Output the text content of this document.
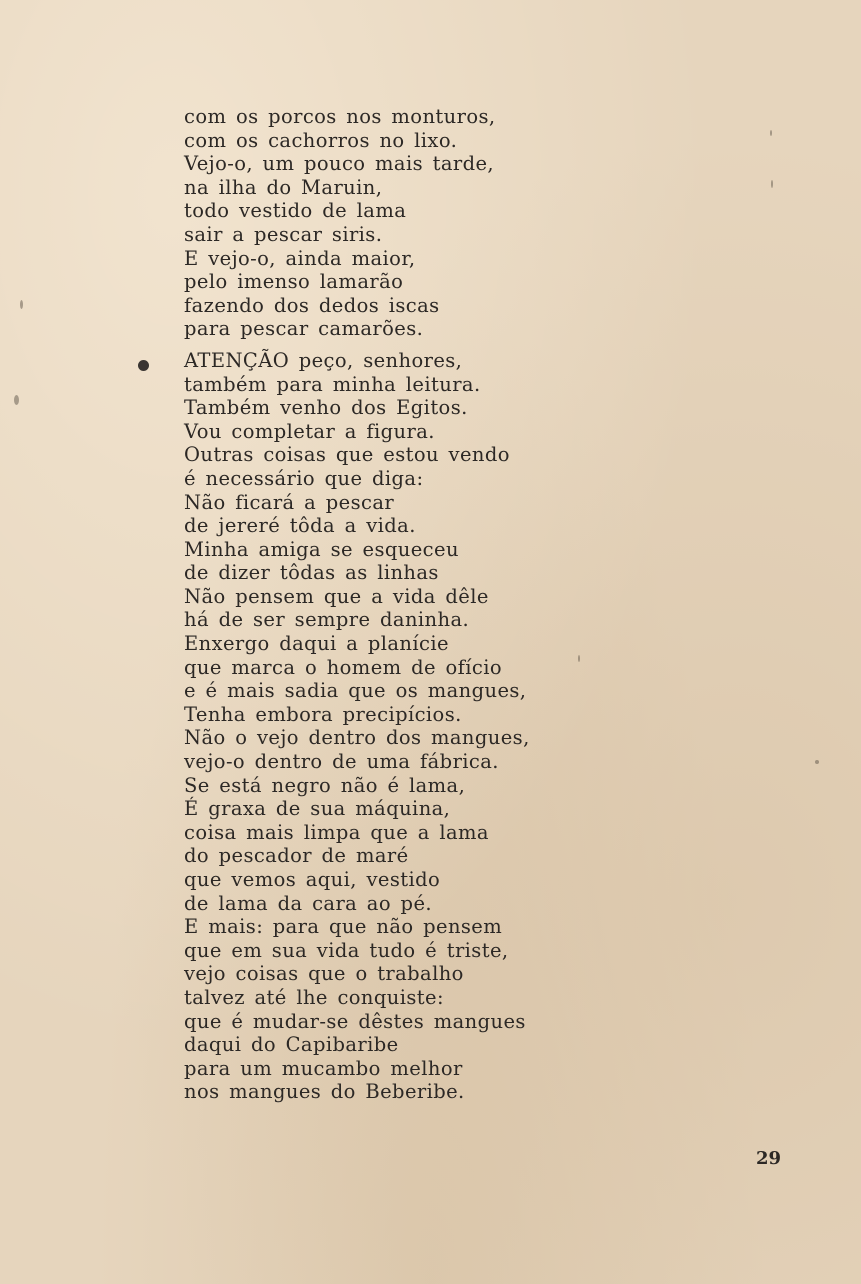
com os porcos nos monturos,
com os cachorros no lixo.
Vejo-o, um pouco mais tarde,
na ilha do Maruin,
todo vestido de lama
sair a pescar siris.
E vejo-o, ainda maior,
pelo imenso lamarão
fazendo dos dedos iscas
para pescar camarões.
ATENÇÃO peço, senhores,
também para minha leitura.
Também venho dos Egitos.
Vou completar a figura.
Outras coisas que estou vendo
é necessário que diga:
Não ficará a pescar
de jereré tôda a vida.
Minha amiga se esqueceu
de dizer tôdas as linhas
Não pensem que a vida dêle
há de ser sempre daninha.
Enxergo daqui a planície
que marca o homem de ofício
e é mais sadia que os mangues,
Tenha embora precipícios.
Não o vejo dentro dos mangues,
vejo-o dentro de uma fábrica.
Se está negro não é lama,
É graxa de sua máquina,
coisa mais limpa que a lama
do pescador de maré
que vemos aqui, vestido
de lama da cara ao pé.
E mais: para que não pensem
que em sua vida tudo é triste,
vejo coisas que o trabalho
talvez até lhe conquiste:
que é mudar-se dêstes mangues
daqui do Capibaribe
para um mucambo melhor
nos mangues do Beberibe.
29
